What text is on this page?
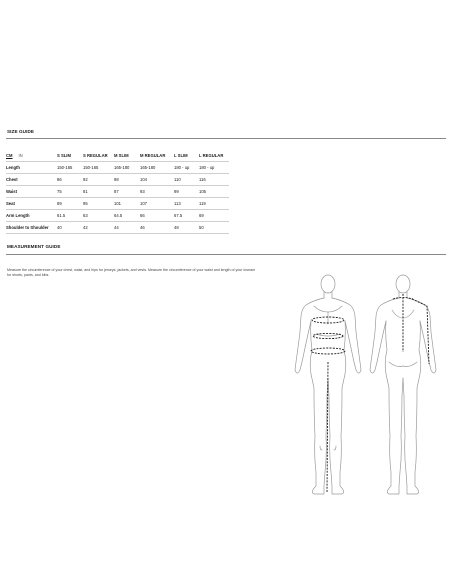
SIZE GUIDE
CM IN	S SLIM	S REGULAR	M SLIM	M REGULAR	L SLIM	L REGULAR
Length	150-165	150-165	165-180	165-180	180 - up	180 - up
Chest	86	92	98	104	110	116
Waist	75	81	87	93	99	105
Seat	89	95	101	107	113	119
Arm Length	61.5	63	64.5	66	67.5	69
Shoulder to Shoulder	40	42	44	46	48	50
MEASUREMENT GUIDE
Measure the circumference of your chest, waist, and hips for jerseys, jackets, and vests. Measure the circumference of your waist and length of your inseam for shorts, pants, and bibs.
